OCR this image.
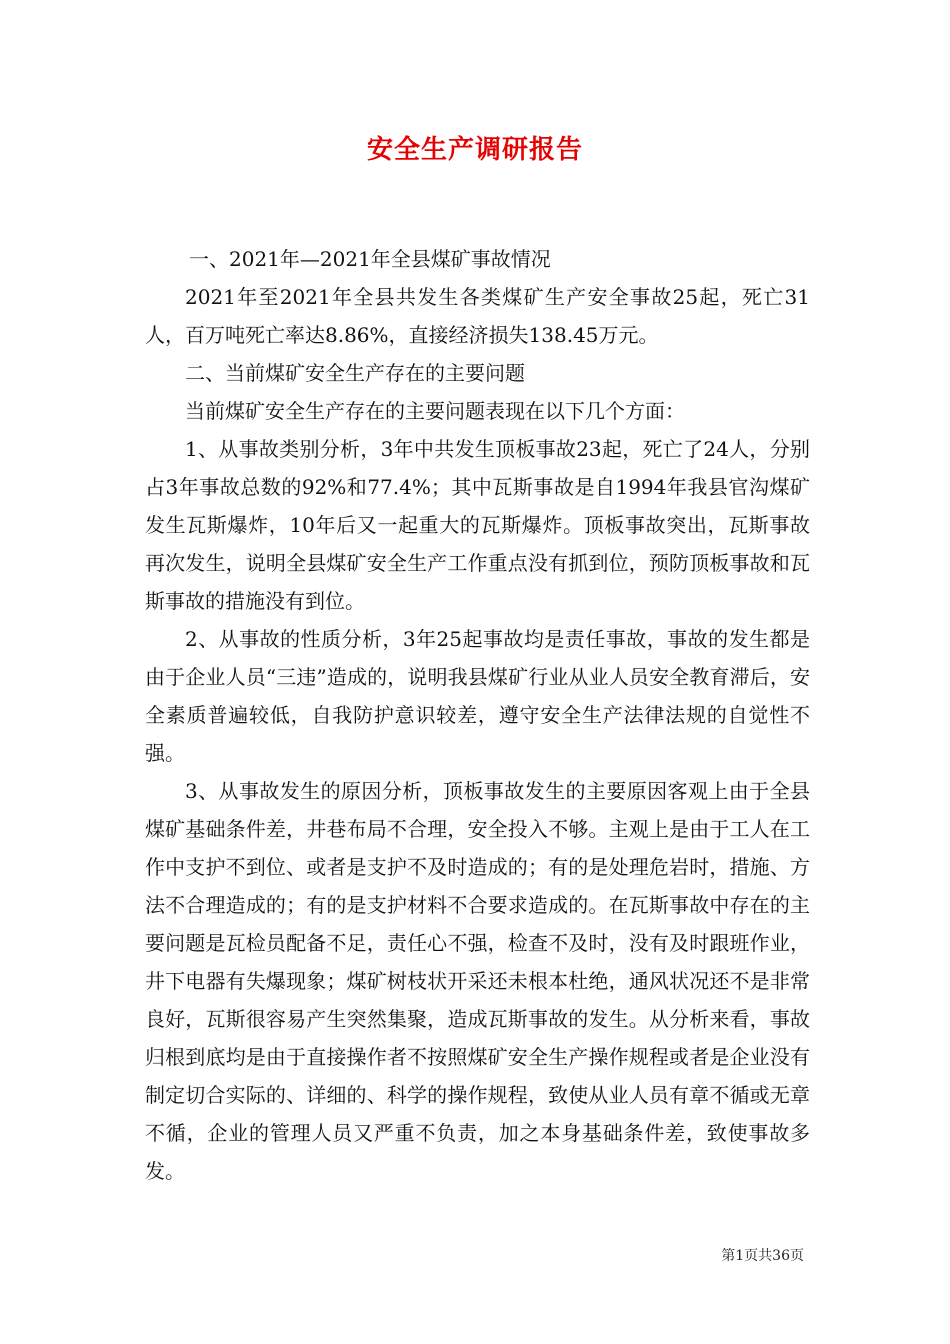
安全生产调研报告

一、2021年—2021年全县煤矿事故情况

2021年至2021年全县共发生各类煤矿生产安全事故25起，死亡31人，百万吨死亡率达8.86%，直接经济损失138.45万元。

二、当前煤矿安全生产存在的主要问题

当前煤矿安全生产存在的主要问题表现在以下几个方面：

1、从事故类别分析，3年中共发生顶板事故23起，死亡了24人，分别占3年事故总数的92%和77.4%；其中瓦斯事故是自1994年我县官沟煤矿发生瓦斯爆炸，10年后又一起重大的瓦斯爆炸。顶板事故突出，瓦斯事故再次发生，说明全县煤矿安全生产工作重点没有抓到位，预防顶板事故和瓦斯事故的措施没有到位。

2、从事故的性质分析，3年25起事故均是责任事故，事故的发生都是由于企业人员“三违”造成的，说明我县煤矿行业从业人员安全教育滞后，安全素质普遍较低，自我防护意识较差，遵守安全生产法律法规的自觉性不强。

3、从事故发生的原因分析，顶板事故发生的主要原因客观上由于全县煤矿基础条件差，井巷布局不合理，安全投入不够。主观上是由于工人在工作中支护不到位、或者是支护不及时造成的；有的是处理危岩时，措施、方法不合理造成的；有的是支护材料不合要求造成的。在瓦斯事故中存在的主要问题是瓦检员配备不足，责任心不强，检查不及时，没有及时跟班作业，井下电器有失爆现象；煤矿树枝状开采还未根本杜绝，通风状况还不是非常良好，瓦斯很容易产生突然集聚，造成瓦斯事故的发生。从分析来看，事故归根到底均是由于直接操作者不按照煤矿安全生产操作规程或者是企业没有制定切合实际的、详细的、科学的操作规程，致使从业人员有章不循或无章不循，企业的管理人员又严重不负责，加之本身基础条件差，致使事故多发。

第1页共36页
